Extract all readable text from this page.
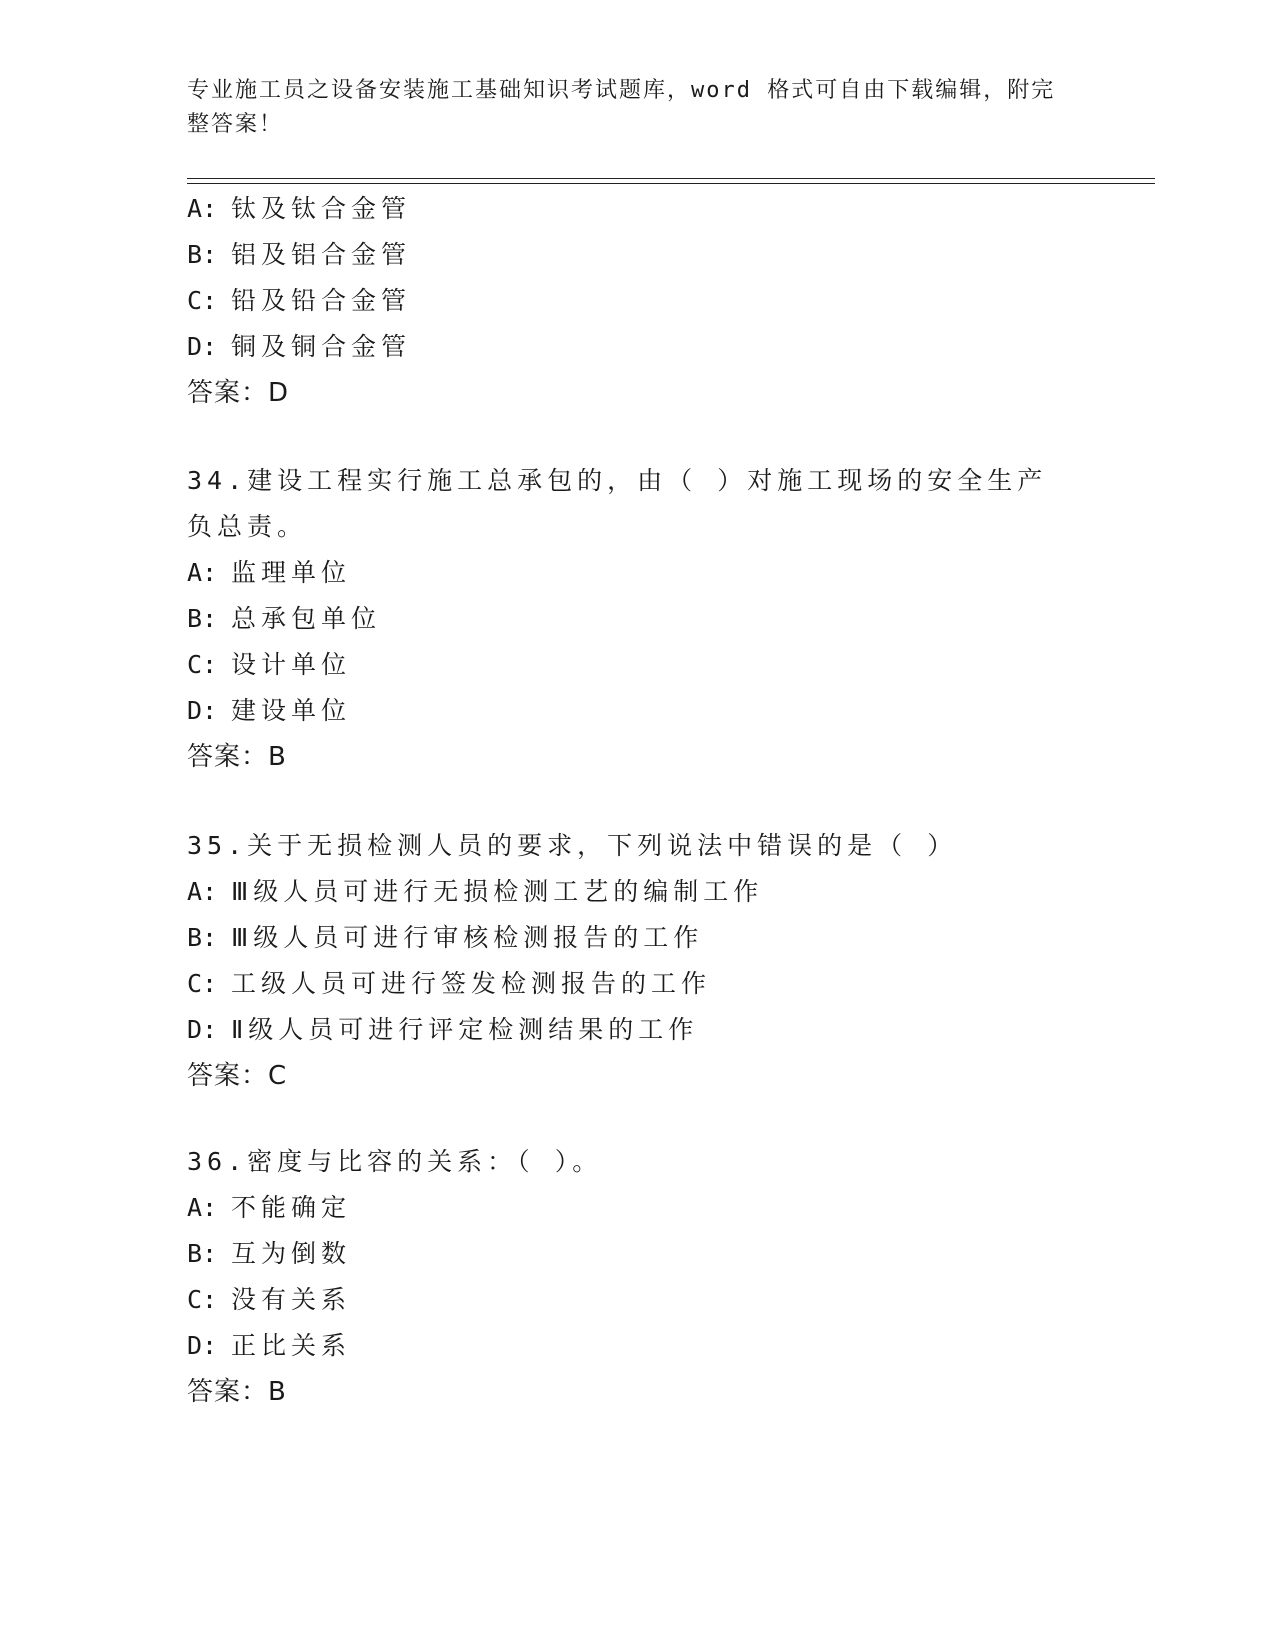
专业施工员之设备安装施工基础知识考试题库，word 格式可自由下载编辑，附完整答案！
A: 钛及钛合金管
B: 铝及铝合金管
C: 铅及铅合金管
D: 铜及铜合金管
答案：D
34.建设工程实行施工总承包的，由（ ）对施工现场的安全生产负总责。
A: 监理单位
B: 总承包单位
C: 设计单位
D: 建设单位
答案：B
35.关于无损检测人员的要求，下列说法中错误的是（ ）
A: Ⅲ级人员可进行无损检测工艺的编制工作
B: Ⅲ级人员可进行审核检测报告的工作
C: 工级人员可进行签发检测报告的工作
D: Ⅱ级人员可进行评定检测结果的工作
答案：C
36.密度与比容的关系：（ ）。
A: 不能确定
B: 互为倒数
C: 没有关系
D: 正比关系
答案：B
